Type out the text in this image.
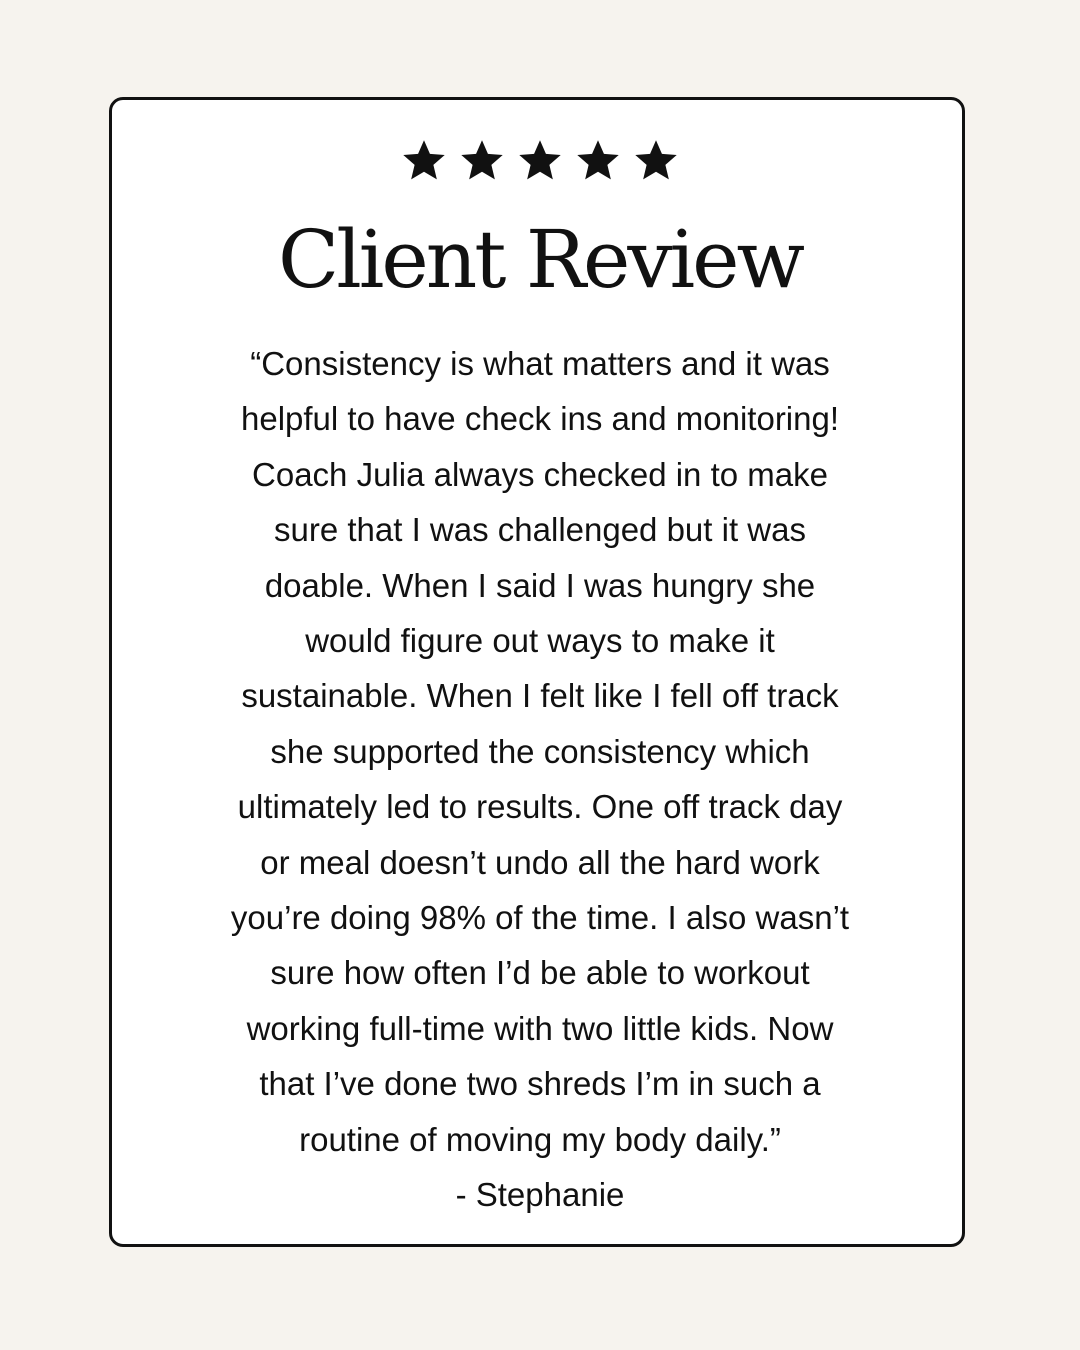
Client Review

“Consistency is what matters and it was
helpful to have check ins and monitoring!
Coach Julia always checked in to make
sure that I was challenged but it was
doable. When I said I was hungry she
would figure out ways to make it
sustainable. When I felt like I fell off track
she supported the consistency which
ultimately led to results. One off track day
or meal doesn’t undo all the hard work
you’re doing 98% of the time. I also wasn’t
sure how often I’d be able to workout
working full-time with two little kids. Now
that I’ve done two shreds I’m in such a
routine of moving my body daily.”
- Stephanie
